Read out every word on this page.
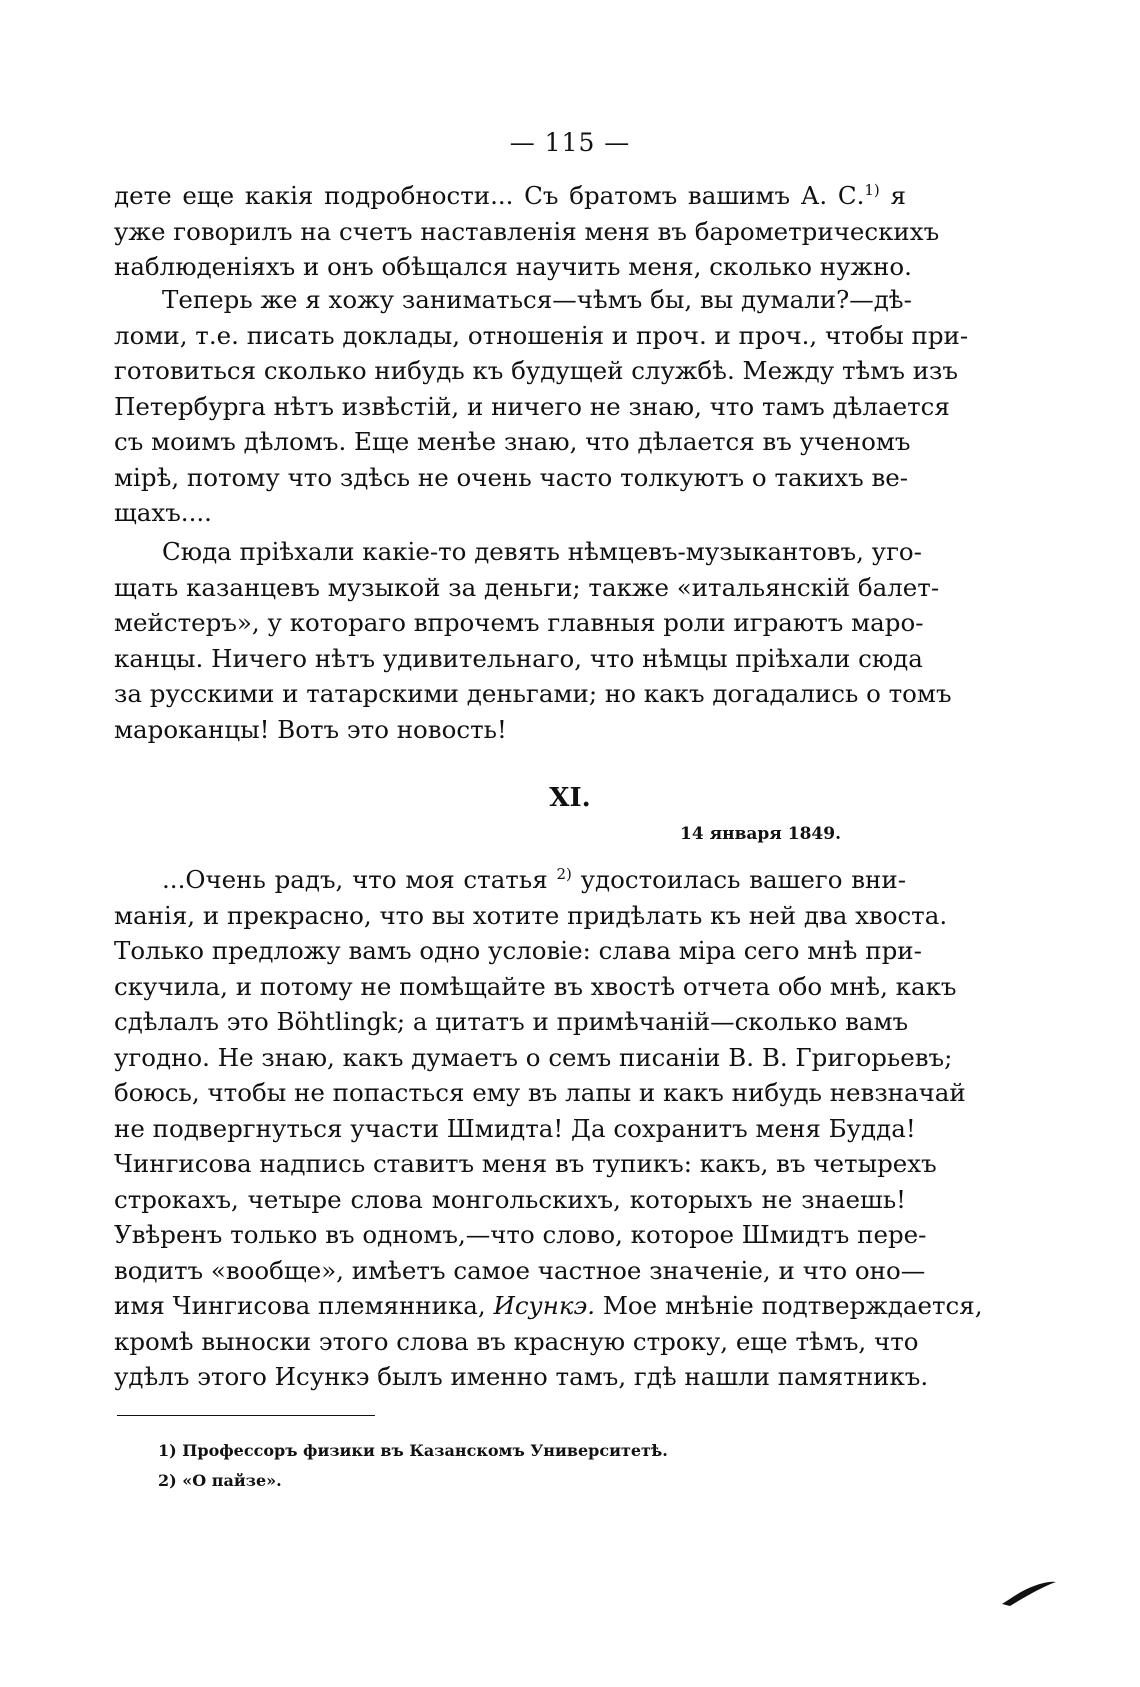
— 115 —
дете еще какія подробности... Съ братомъ вашимъ А. С.$^{1)}$ я
уже говорилъ на счетъ наставленія меня въ барометрическихъ
наблюденіяхъ и онъ обѣщался научить меня, сколько нужно.
Теперь же я хожу заниматься—чѣмъ бы, вы думали?—дѣ-
ломи, т.е. писать доклады, отношенія и проч. и проч., чтобы при-
готовиться сколько нибудь къ будущей службѣ. Между тѣмъ изъ
Петербурга нѣтъ извѣстій, и ничего не знаю, что тамъ дѣлается
съ моимъ дѣломъ. Еще менѣе знаю, что дѣлается въ ученомъ
мірѣ, потому что здѣсь не очень часто толкуютъ о такихъ ве-
щахъ....
Сюда пріѣхали какіе-то девять нѣмцевъ-музыкантовъ, уго-
щать казанцевъ музыкой за деньги; также «итальянскій балет-
мейстеръ», у котораго впрочемъ главныя роли играютъ маро-
канцы. Ничего нѣтъ удивительнаго, что нѣмцы пріѣхали сюда
за русскими и татарскими деньгами; но какъ догадались о томъ
мароканцы! Вотъ это новость!
XI.
14 января 1849.
...Очень радъ, что моя статья $^{2)}$ удостоилась вашего вни-
манія, и прекрасно, что вы хотите придѣлать къ ней два хвоста.
Только предложу вамъ одно условіе: слава міра сего мнѣ при-
скучила, и потому не помѣщайте въ хвостѣ отчета обо мнѣ, какъ
сдѣлалъ это Böhtlingk; а цитатъ и примѣчаній—сколько вамъ
угодно. Не знаю, какъ думаетъ о семъ писаніи В. В. Григорьевъ;
боюсь, чтобы не попасться ему въ лапы и какъ нибудь невзначай
не подвергнуться участи Шмидта! Да сохранитъ меня Будда!
Чингисова надпись ставитъ меня въ тупикъ: какъ, въ четырехъ
строкахъ, четыре слова монгольскихъ, которыхъ не знаешь!
Увѣренъ только въ одномъ,—что слово, которое Шмидтъ пере-
водитъ «вообще», имѣетъ самое частное значеніе, и что оно—
имя Чингисова племянника, Исункэ. Мое мнѣніе подтверждается,
кромѣ выноски этого слова въ красную строку, еще тѣмъ, что
удѣлъ этого Исункэ былъ именно тамъ, гдѣ нашли памятникъ.
1) Профессоръ физики въ Казанскомъ Университетѣ.
2) «О пайзе».
